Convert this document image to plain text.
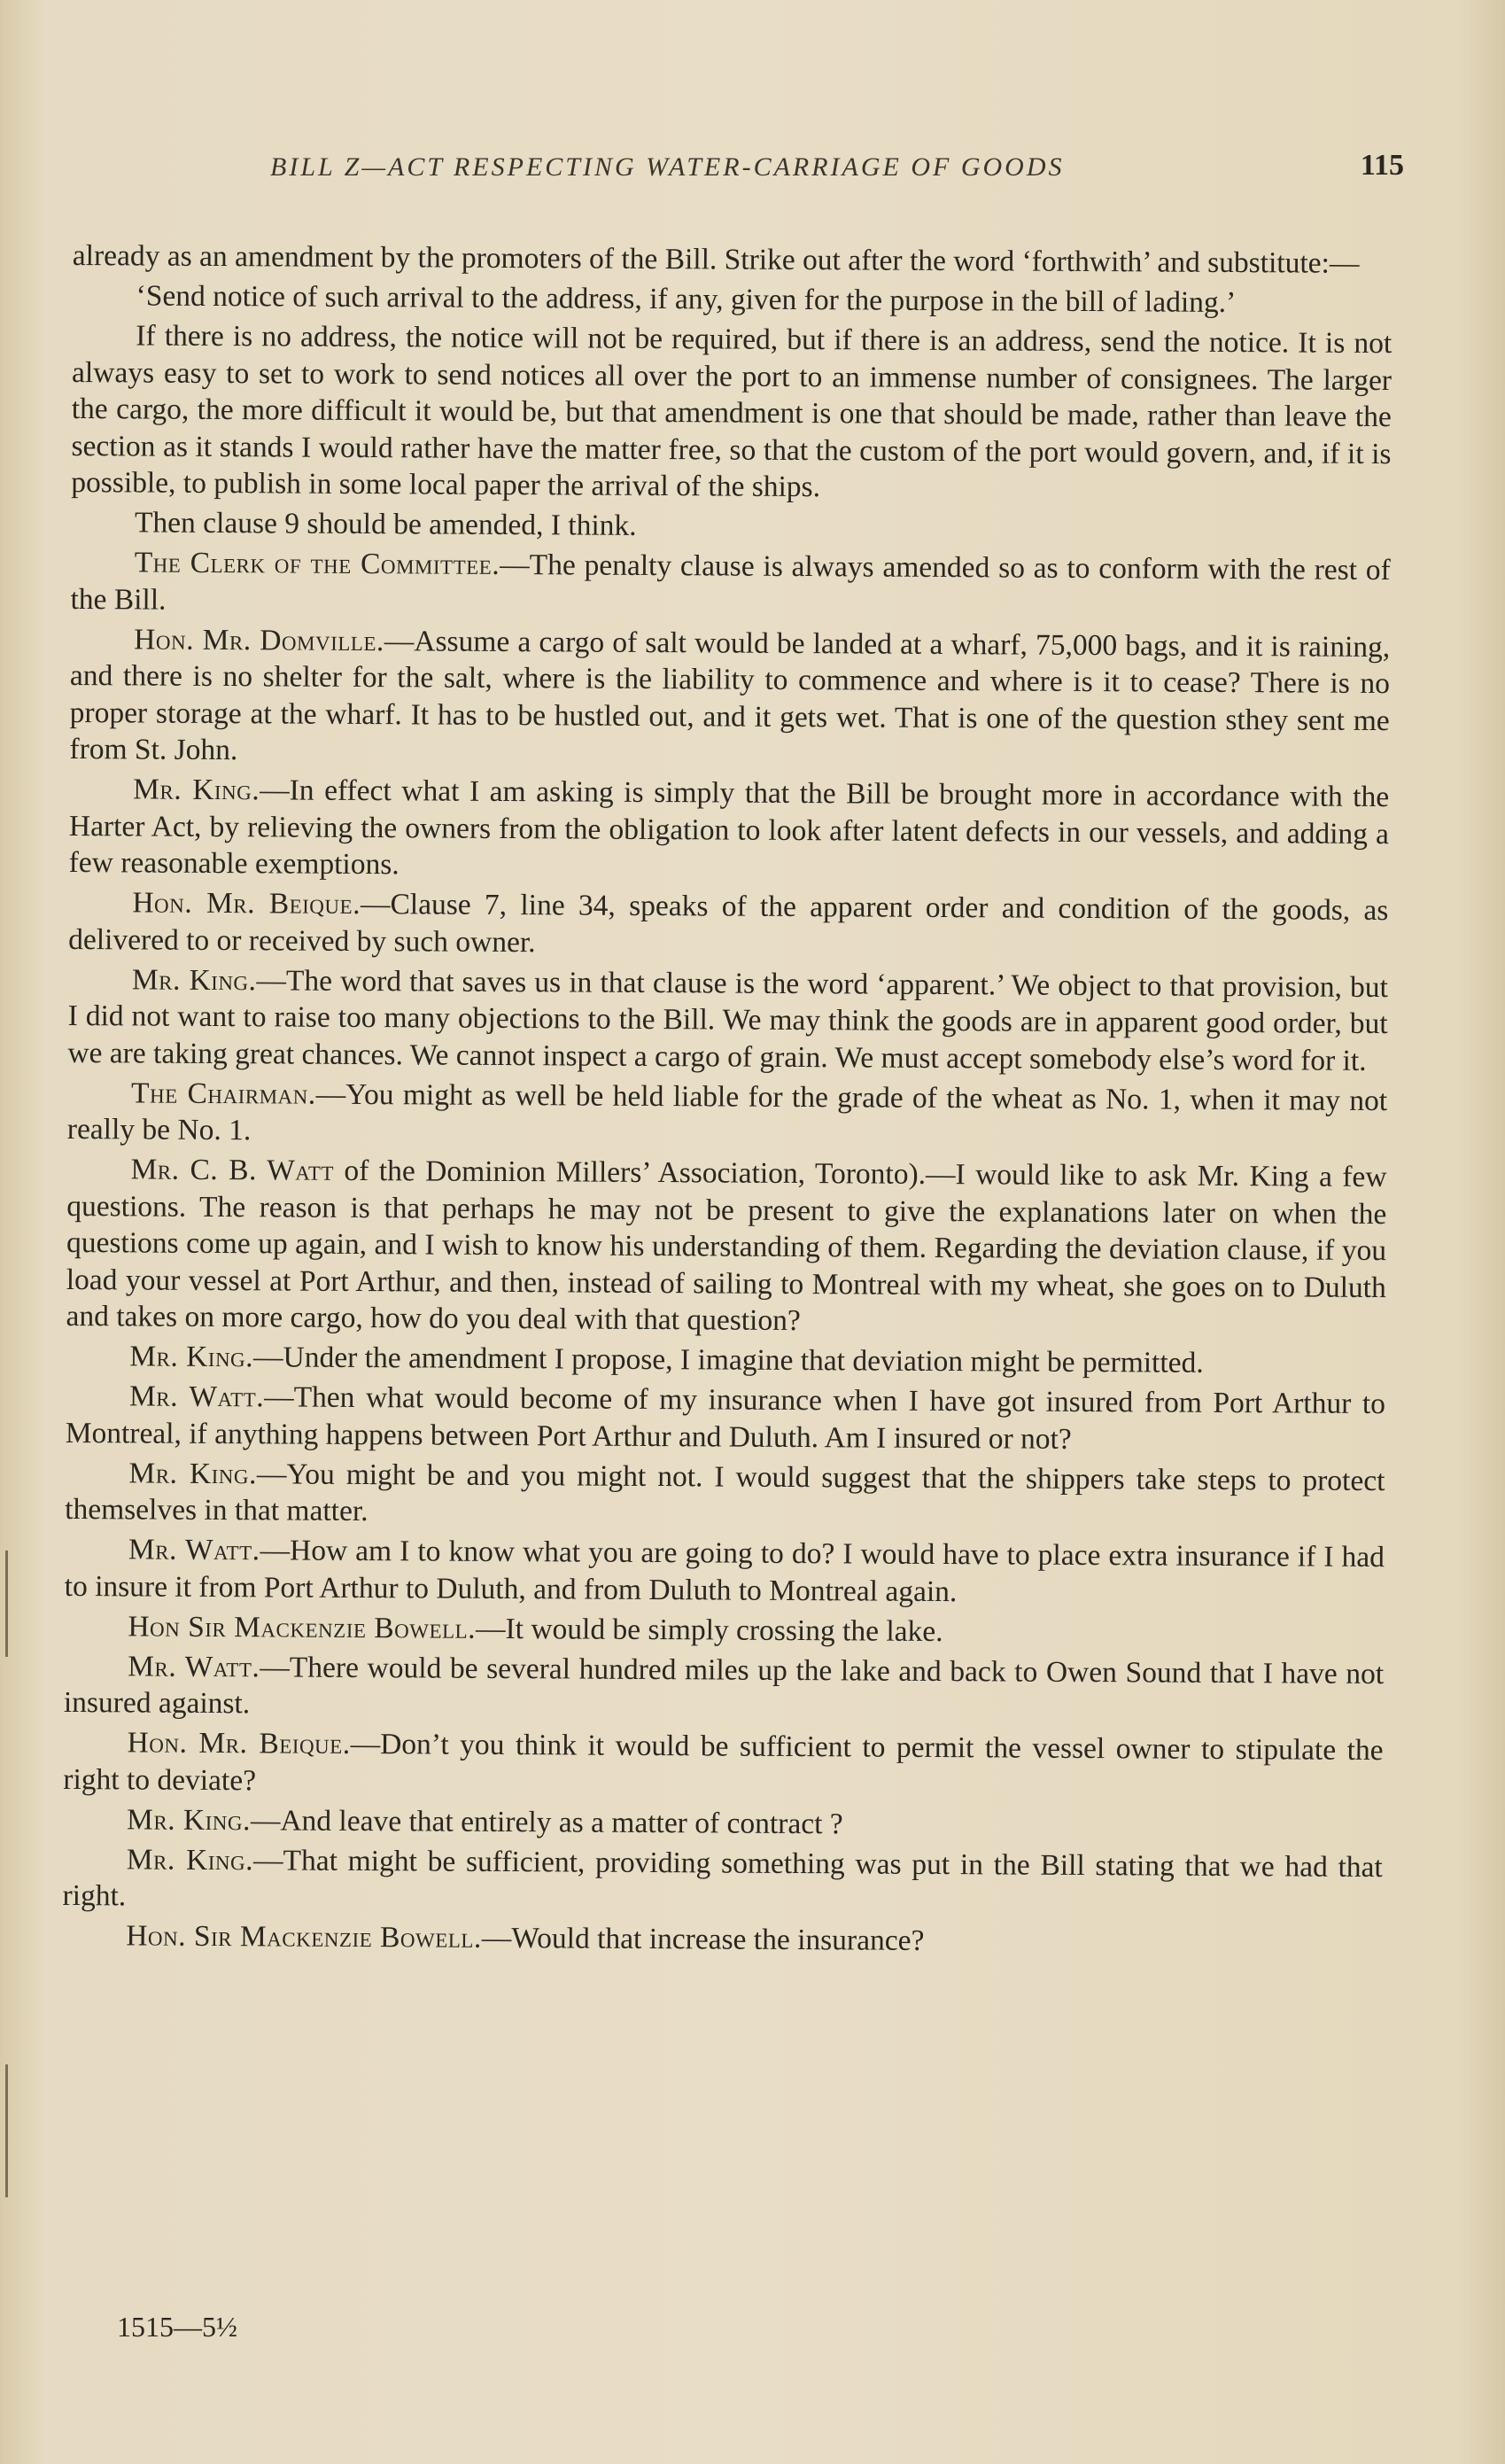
BILL Z—ACT RESPECTING WATER-CARRIAGE OF GOODS	115

already as an amendment by the promoters of the Bill. Strike out after the word ‘forthwith’ and substitute:—

‘Send notice of such arrival to the address, if any, given for the purpose in the bill of lading.’

If there is no address, the notice will not be required, but if there is an address, send the notice. It is not always easy to set to work to send notices all over the port to an immense number of consignees. The larger the cargo, the more difficult it would be, but that amendment is one that should be made, rather than leave the section as it stands I would rather have the matter free, so that the custom of the port would govern, and, if it is possible, to publish in some local paper the arrival of the ships.

Then clause 9 should be amended, I think.

The Clerk of the Committee.—The penalty clause is always amended so as to conform with the rest of the Bill.

Hon. Mr. Domville.—Assume a cargo of salt would be landed at a wharf, 75,000 bags, and it is raining, and there is no shelter for the salt, where is the liability to commence and where is it to cease? There is no proper storage at the wharf. It has to be hustled out, and it gets wet. That is one of the question sthey sent me from St. John.

Mr. King.—In effect what I am asking is simply that the Bill be brought more in accordance with the Harter Act, by relieving the owners from the obligation to look after latent defects in our vessels, and adding a few reasonable exemptions.

Hon. Mr. Beique.—Clause 7, line 34, speaks of the apparent order and condition of the goods, as delivered to or received by such owner.

Mr. King.—The word that saves us in that clause is the word ‘apparent.’ We object to that provision, but I did not want to raise too many objections to the Bill. We may think the goods are in apparent good order, but we are taking great chances. We cannot inspect a cargo of grain. We must accept somebody else’s word for it.

The Chairman.—You might as well be held liable for the grade of the wheat as No. 1, when it may not really be No. 1.

Mr. C. B. Watt of the Dominion Millers’ Association, Toronto).—I would like to ask Mr. King a few questions. The reason is that perhaps he may not be present to give the explanations later on when the questions come up again, and I wish to know his understanding of them. Regarding the deviation clause, if you load your vessel at Port Arthur, and then, instead of sailing to Montreal with my wheat, she goes on to Duluth and takes on more cargo, how do you deal with that question?

Mr. King.—Under the amendment I propose, I imagine that deviation might be permitted.

Mr. Watt.—Then what would become of my insurance when I have got insured from Port Arthur to Montreal, if anything happens between Port Arthur and Duluth. Am I insured or not?

Mr. King.—You might be and you might not. I would suggest that the shippers take steps to protect themselves in that matter.

Mr. Watt.—How am I to know what you are going to do? I would have to place extra insurance if I had to insure it from Port Arthur to Duluth, and from Duluth to Montreal again.

Hon Sir Mackenzie Bowell.—It would be simply crossing the lake.

Mr. Watt.—There would be several hundred miles up the lake and back to Owen Sound that I have not insured against.

Hon. Mr. Beique.—Don’t you think it would be sufficient to permit the vessel owner to stipulate the right to deviate?

Mr. King.—And leave that entirely as a matter of contract ?

Mr. King.—That might be sufficient, providing something was put in the Bill stating that we had that right.

Hon. Sir Mackenzie Bowell.—Would that increase the insurance?

1515—5½
